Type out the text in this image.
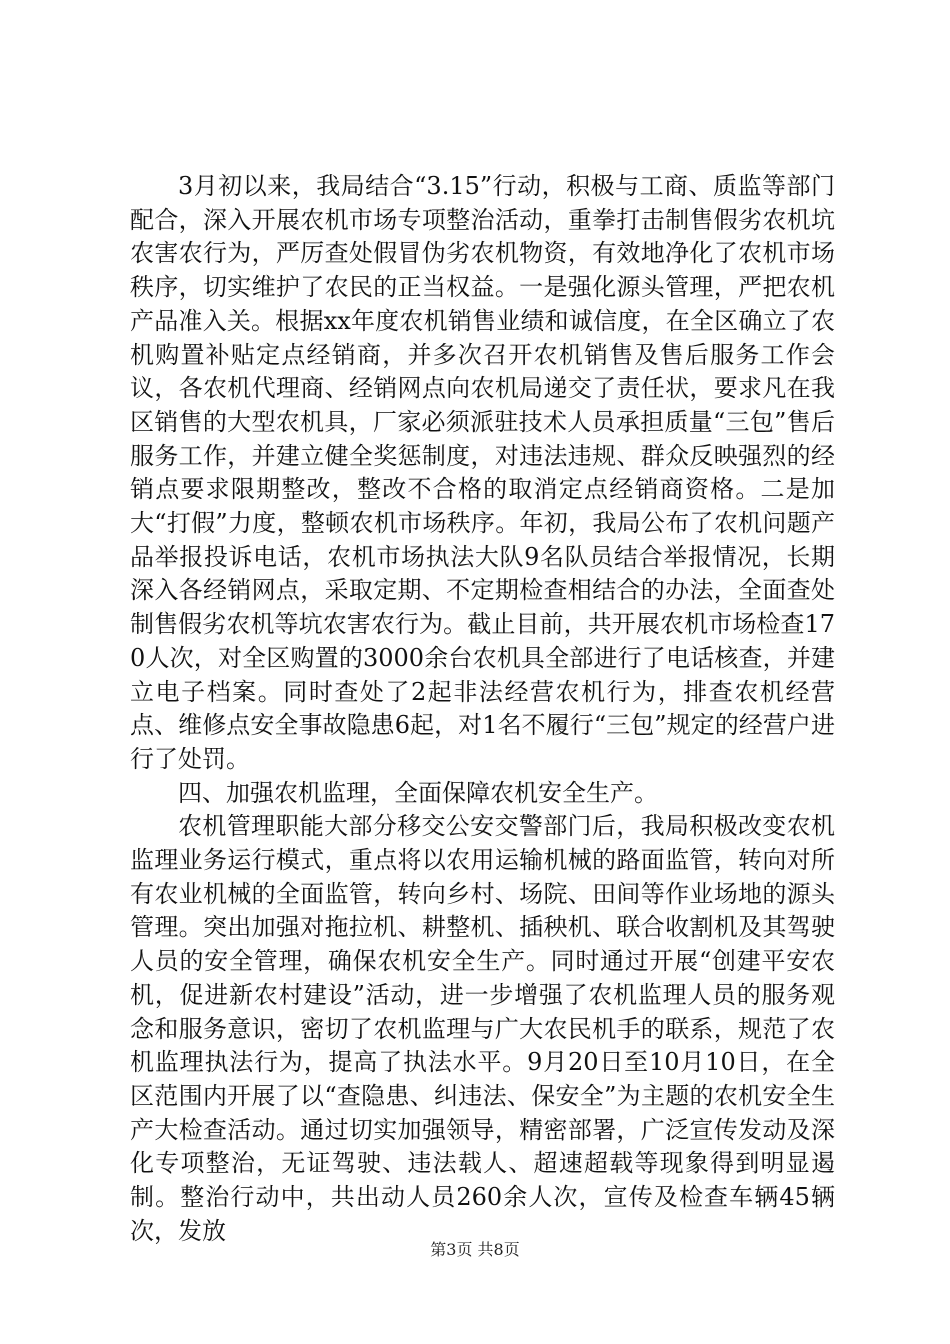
3月初以来，我局结合“3.15”行动，积极与工商、质监等部门配合，深入开展农机市场专项整治活动，重拳打击制售假劣农机坑农害农行为，严厉查处假冒伪劣农机物资，有效地净化了农机市场秩序，切实维护了农民的正当权益。一是强化源头管理，严把农机产品准入关。根据xx年度农机销售业绩和诚信度，在全区确立了农机购置补贴定点经销商，并多次召开农机销售及售后服务工作会议，各农机代理商、经销网点向农机局递交了责任状，要求凡在我区销售的大型农机具，厂家必须派驻技术人员承担质量“三包”售后服务工作，并建立健全奖惩制度，对违法违规、群众反映强烈的经销点要求限期整改，整改不合格的取消定点经销商资格。二是加大“打假”力度，整顿农机市场秩序。年初，我局公布了农机问题产品举报投诉电话，农机市场执法大队9名队员结合举报情况，长期深入各经销网点，采取定期、不定期检查相结合的办法，全面查处制售假劣农机等坑农害农行为。截止目前，共开展农机市场检查170人次，对全区购置的3000余台农机具全部进行了电话核查，并建立电子档案。同时查处了2起非法经营农机行为，排查农机经营点、维修点安全事故隐患6起，对1名不履行“三包”规定的经营户进行了处罚。

四、加强农机监理，全面保障农机安全生产。

农机管理职能大部分移交公安交警部门后，我局积极改变农机监理业务运行模式，重点将以农用运输机械的路面监管，转向对所有农业机械的全面监管，转向乡村、场院、田间等作业场地的源头管理。突出加强对拖拉机、耕整机、插秧机、联合收割机及其驾驶人员的安全管理，确保农机安全生产。同时通过开展“创建平安农机，促进新农村建设”活动，进一步增强了农机监理人员的服务观念和服务意识，密切了农机监理与广大农民机手的联系，规范了农机监理执法行为，提高了执法水平。9月20日至10月10日，在全区范围内开展了以“查隐患、纠违法、保安全”为主题的农机安全生产大检查活动。通过切实加强领导，精密部署，广泛宣传发动及深化专项整治，无证驾驶、违法载人、超速超载等现象得到明显遏制。整治行动中，共出动人员260余人次，宣传及检查车辆45辆次，发放

第3页 共8页
